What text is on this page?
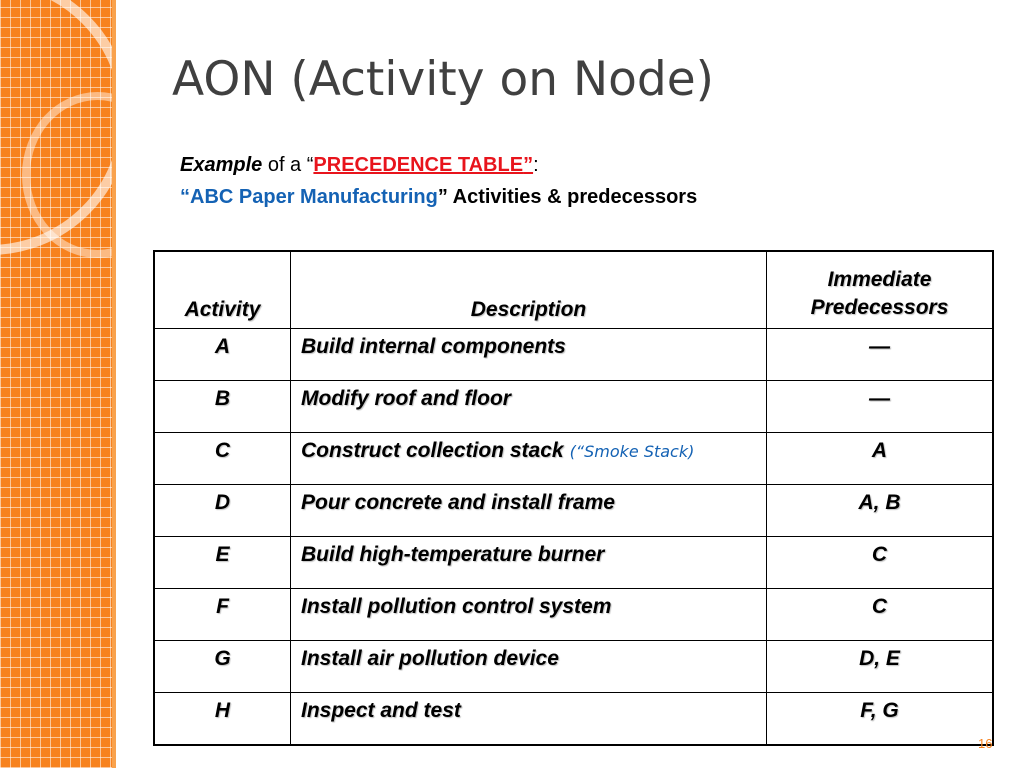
AON (Activity on Node)
Example of a “PRECEDENCE TABLE”:
“ABC Paper Manufacturing” Activities & predecessors
Activity	Description	Immediate
Predecessors
A	Build internal components	—
B	Modify roof and floor	—
C	Construct collection stack (“Smoke Stack)	A
D	Pour concrete and install frame	A, B
E	Build high-temperature burner	C
F	Install pollution control system	C
G	Install air pollution device	D, E
H	Inspect and test	F, G
16
